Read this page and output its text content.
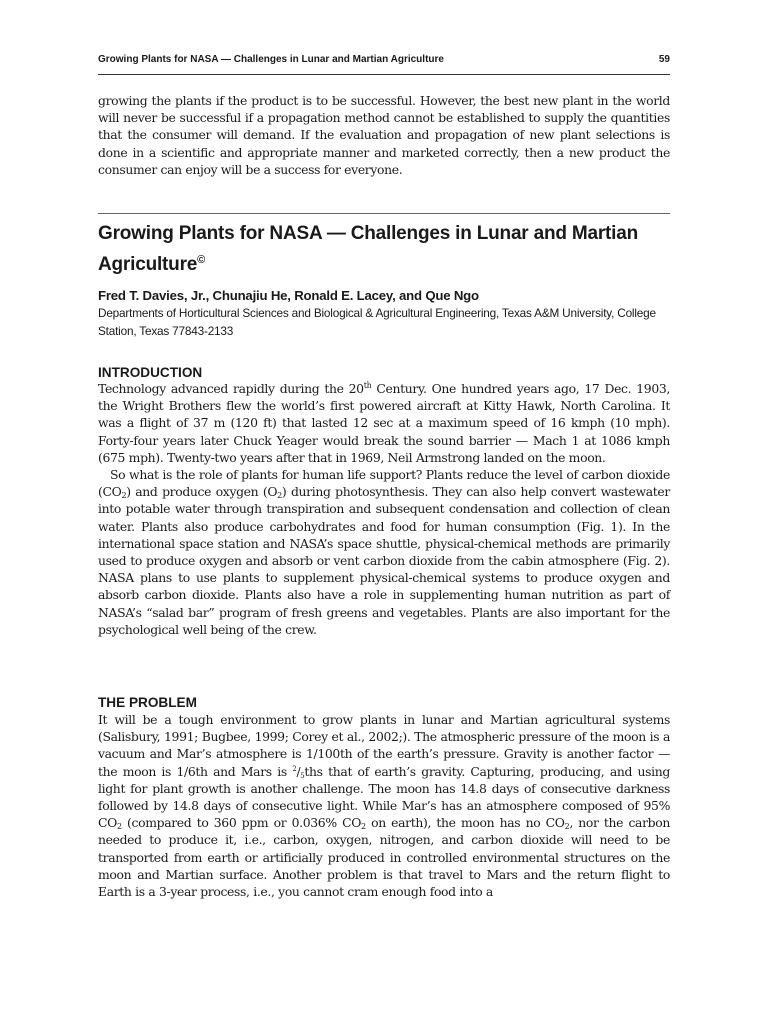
Growing Plants for NASA — Challenges in Lunar and Martian Agriculture	59

growing the plants if the product is to be successful. However, the best new plant in the world will never be successful if a propagation method cannot be established to supply the quantities that the consumer will demand. If the evaluation and propagation of new plant selections is done in a scientific and appropriate manner and marketed correctly, then a new product the consumer can enjoy will be a success for everyone.

Growing Plants for NASA — Challenges in Lunar and Martian Agriculture©
Fred T. Davies, Jr., Chunajiu He, Ronald E. Lacey, and Que Ngo
Departments of Horticultural Sciences and Biological & Agricultural Engineering, Texas A&M University, College Station, Texas 77843-2133
INTRODUCTION

Technology advanced rapidly during the 20th Century. One hundred years ago, 17 Dec. 1903, the Wright Brothers flew the world’s first powered aircraft at Kitty Hawk, North Carolina. It was a flight of 37 m (120 ft) that lasted 12 sec at a maximum speed of 16 kmph (10 mph). Forty-four years later Chuck Yeager would break the sound barrier — Mach 1 at 1086 kmph (675 mph). Twenty-two years after that in 1969, Neil Armstrong landed on the moon.

So what is the role of plants for human life support? Plants reduce the level of carbon dioxide $(CO_2)$ and produce oxygen $(O_2)$ during photosynthesis. They can also help convert wastewater into potable water through transpiration and subsequent condensation and collection of clean water. Plants also produce carbohydrates and food for human consumption (Fig. 1). In the international space station and NASA’s space shuttle, physical-chemical methods are primarily used to produce oxygen and absorb or vent carbon dioxide from the cabin atmosphere (Fig. 2). NASA plans to use plants to supplement physical-chemical systems to produce oxygen and absorb carbon dioxide. Plants also have a role in supplementing human nutrition as part of NASA’s “salad bar” program of fresh greens and vegetables. Plants are also important for the psychological well being of the crew.

THE PROBLEM

It will be a tough environment to grow plants in lunar and Martian agricultural systems (Salisbury, 1991; Bugbee, 1999; Corey et al., 2002;). The atmospheric pressure of the moon is a vacuum and Mar’s atmosphere is 1/100th of the earth’s pressure. Gravity is another factor — the moon is 1/6th and Mars is $^2/_5ths$ that of earth’s gravity. Capturing, producing, and using light for plant growth is another challenge. The moon has 14.8 days of consecutive darkness followed by 14.8 days of consecutive light. While Mar’s has an atmosphere composed of 95% $CO_2$ (compared to 360 ppm or 0.036% $CO_2$ on earth), the moon has no $CO_2$, nor the carbon needed to produce it, i.e., carbon, oxygen, nitrogen, and carbon dioxide will need to be transported from earth or artificially produced in controlled environmental structures on the moon and Martian surface. Another problem is that travel to Mars and the return flight to Earth is a 3-year process, i.e., you cannot cram enough food into a
